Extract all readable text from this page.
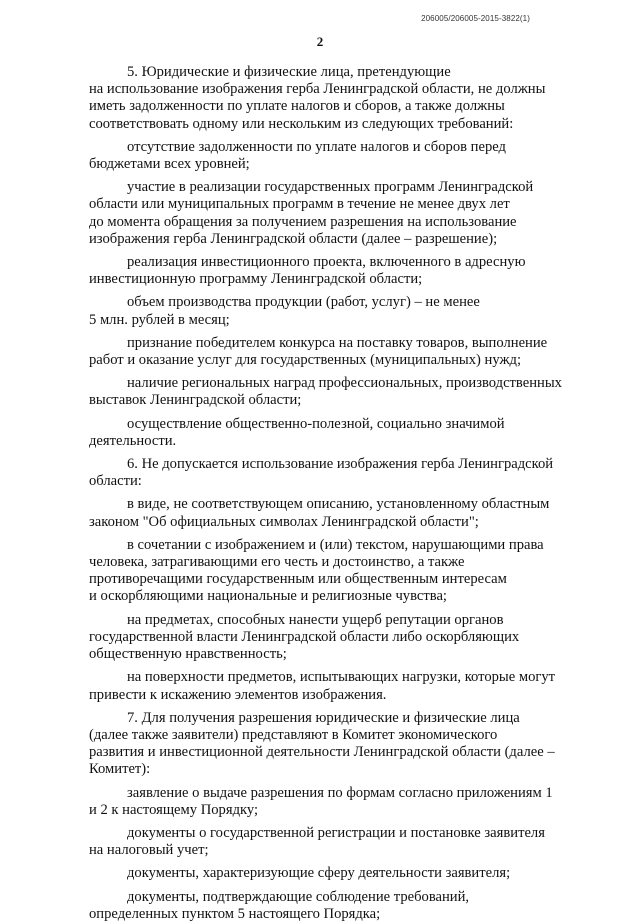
206005/206005-2015-3822(1)
2

5. Юридические и физические лица, претендующие
на использование изображения герба Ленинградской области, не должны
иметь задолженности по уплате налогов и сборов, а также должны
соответствовать одному или нескольким из следующих требований:

отсутствие задолженности по уплате налогов и сборов перед
бюджетами всех уровней;

участие в реализации государственных программ Ленинградской
области или муниципальных программ в течение не менее двух лет
до момента обращения за получением разрешения на использование
изображения герба Ленинградской области (далее – разрешение);

реализация инвестиционного проекта, включенного в адресную
инвестиционную программу Ленинградской области;

объем производства продукции (работ, услуг) – не менее
5 млн. рублей в месяц;

признание победителем конкурса на поставку товаров, выполнение
работ и оказание услуг для государственных (муниципальных) нужд;

наличие региональных наград профессиональных, производственных
выставок Ленинградской области;

осуществление общественно-полезной, социально значимой
деятельности.

6. Не допускается использование изображения герба Ленинградской
области:

в виде, не соответствующем описанию, установленному областным
законом "Об официальных символах Ленинградской области";

в сочетании с изображением и (или) текстом, нарушающими права
человека, затрагивающими его честь и достоинство, а также
противоречащими государственным или общественным интересам
и оскорбляющими национальные и религиозные чувства;

на предметах, способных нанести ущерб репутации органов
государственной власти Ленинградской области либо оскорбляющих
общественную нравственность;

на поверхности предметов, испытывающих нагрузки, которые могут
привести к искажению элементов изображения.

7. Для получения разрешения юридические и физические лица
(далее также заявители) представляют в Комитет экономического
развития и инвестиционной деятельности Ленинградской области (далее –
Комитет):

заявление о выдаче разрешения по формам согласно приложениям 1
и 2 к настоящему Порядку;

документы о государственной регистрации и постановке заявителя
на налоговый учет;

документы, характеризующие сферу деятельности заявителя;

документы, подтверждающие соблюдение требований,
определенных пунктом 5 настоящего Порядка;
